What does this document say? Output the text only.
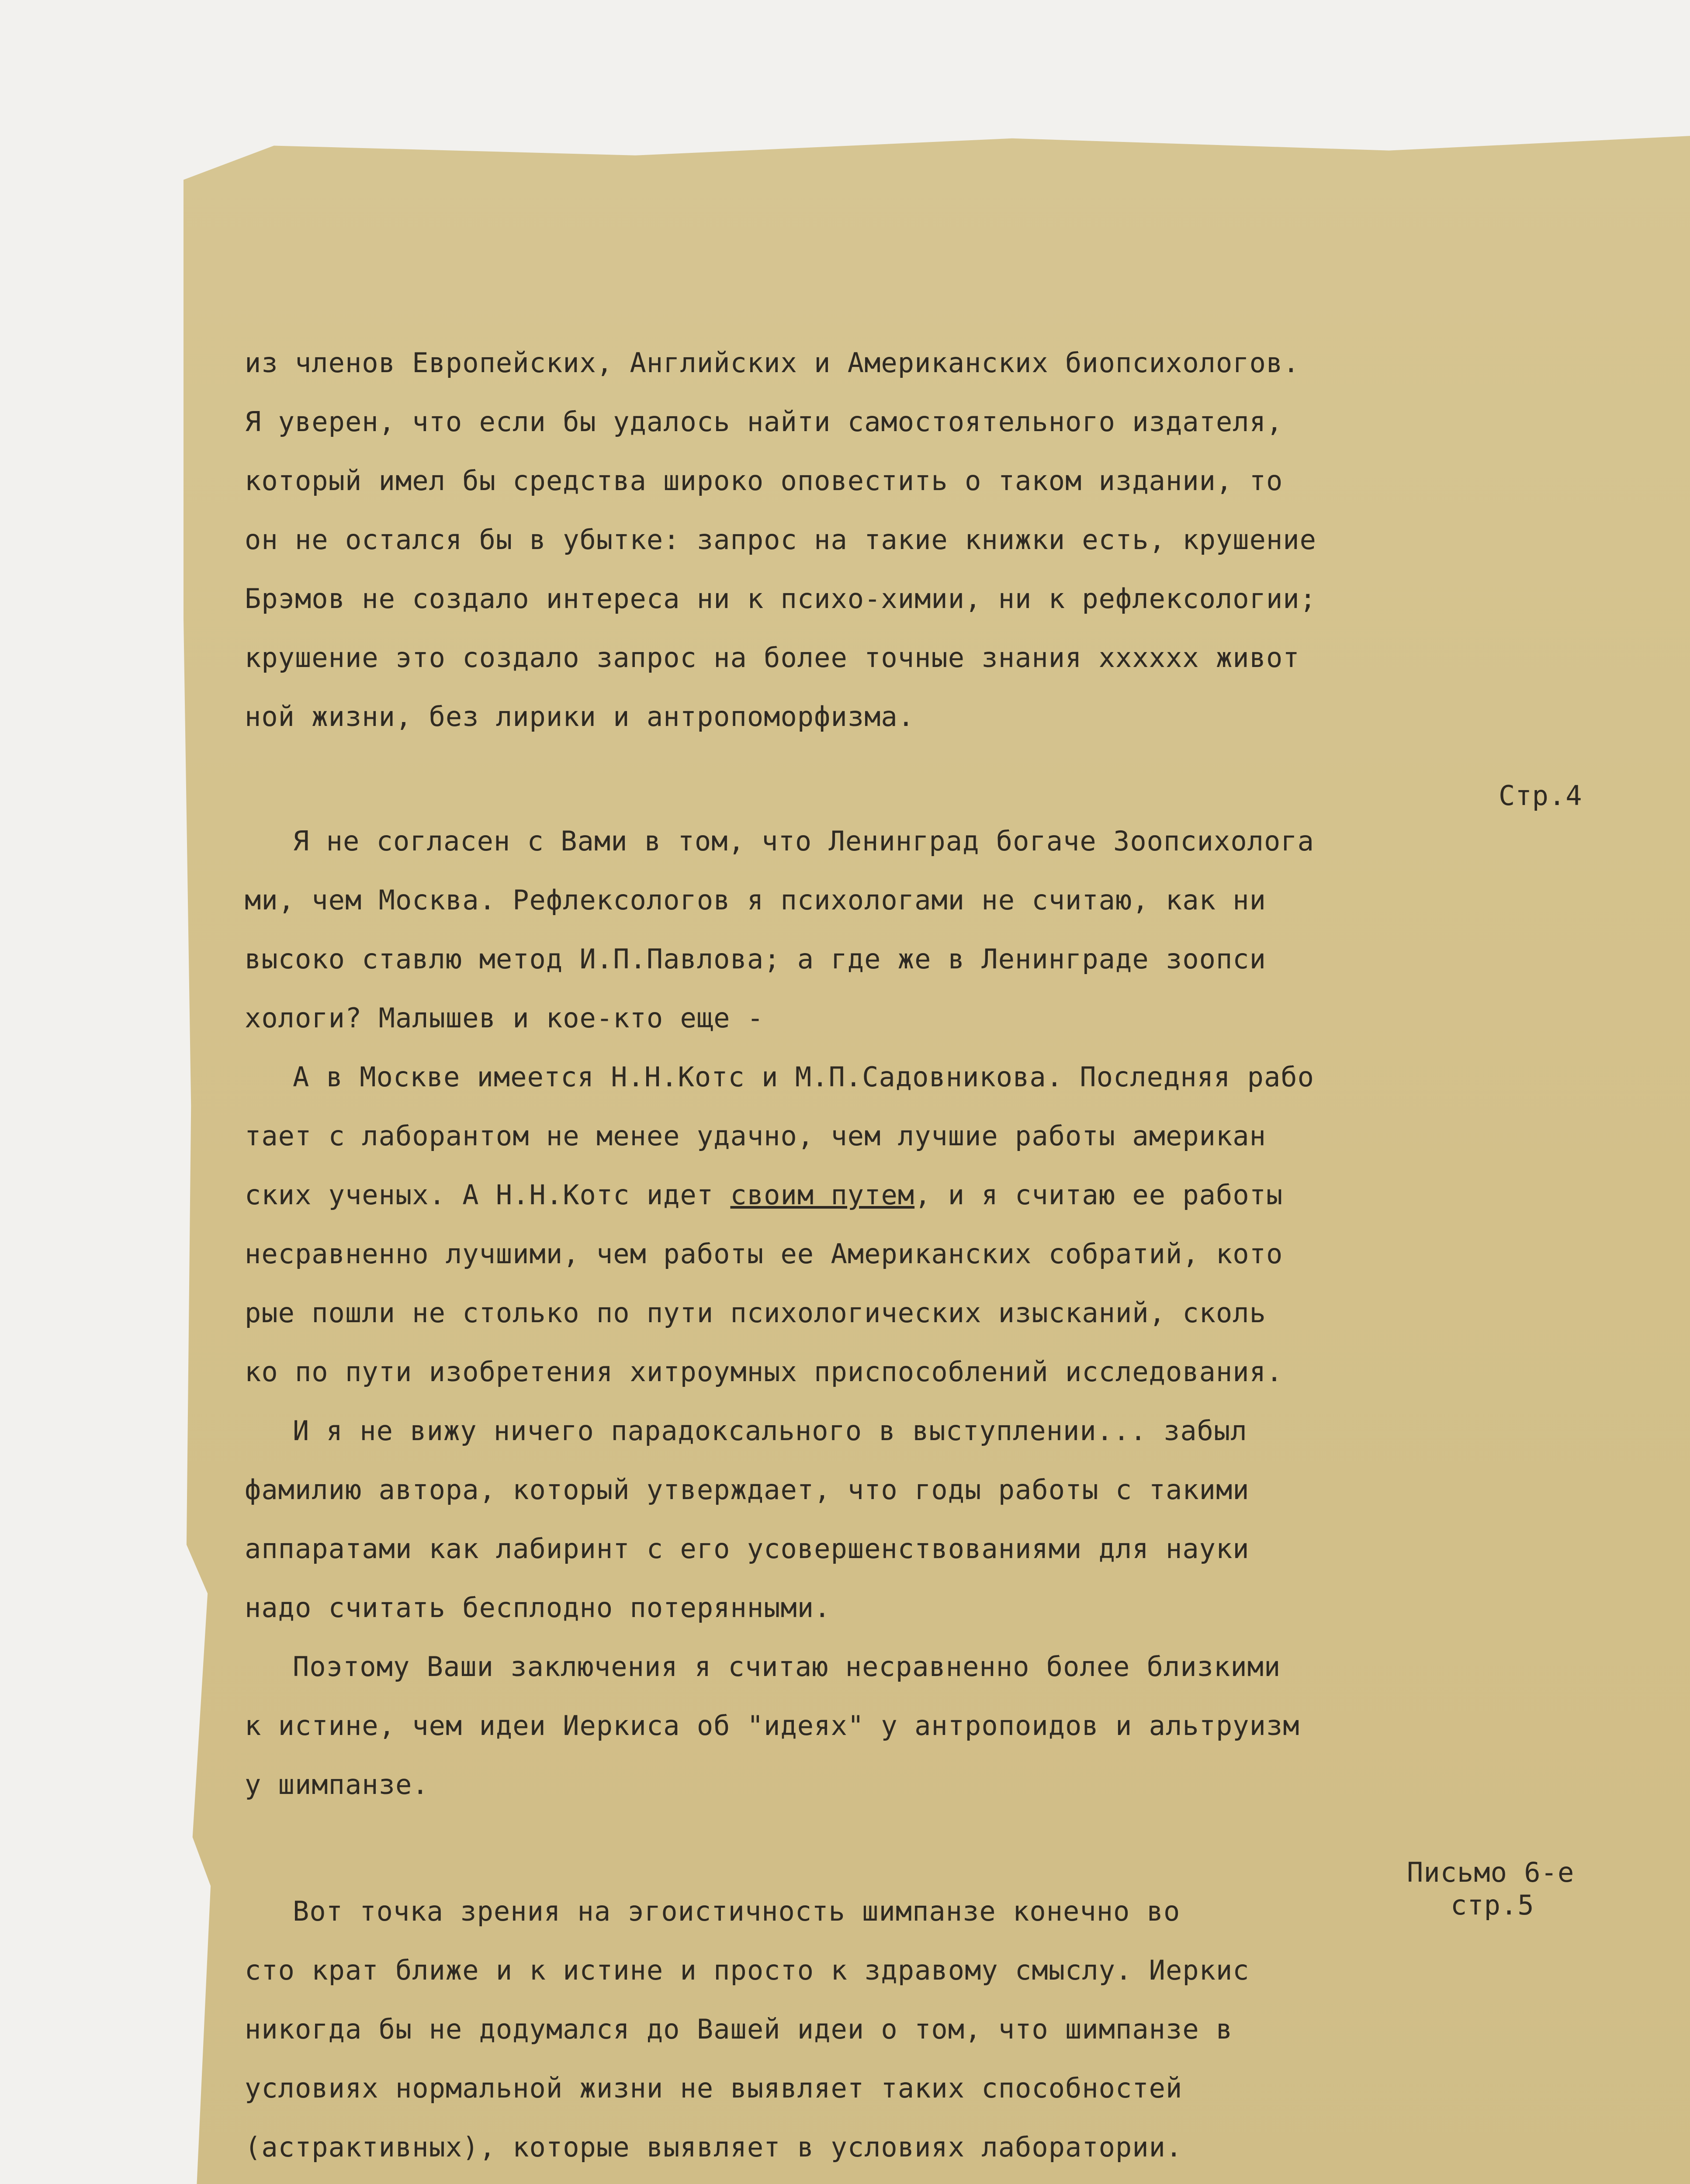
из членов Европейских, Английских и Американских биопсихологов.
Я уверен, что если бы удалось найти самостоятельного издателя,
который имел бы средства широко оповестить о таком издании, то
он не остался бы в убытке: запрос на такие книжки есть, крушение
Брэмов не создало интереса ни к психо-химии, ни к рефлексологии;
крушение это создало запрос на более точные знания хххххх живот
ной жизни, без лирики и антропоморфизма.
Я не согласен с Вами в том, что Ленинград богаче Зоопсихолога
ми, чем Москва. Рефлексологов я психологами не считаю, как ни
высоко ставлю метод И.П.Павлова; а где же в Ленинграде зоопси
хологи? Малышев и кое-кто еще -
А в Москве имеется Н.Н.Котс и М.П.Садовникова. Последняя рабо
тает с лаборантом не менее удачно, чем лучшие работы американ
ских ученых. А Н.Н.Котс идет своим путем, и я считаю ее работы
несравненно лучшими, чем работы ее Американских собратий, кото
рые пошли не столько по пути психологических изысканий, сколь
ко по пути изобретения хитроумных приспособлений исследования.
И я не вижу ничего парадоксального в выступлении... забыл
фамилию автора, который утверждает, что годы работы с такими
аппаратами как лабиринт с его усовершенствованиями для науки
надо считать бесплодно потерянными.
Поэтому Ваши заключения я считаю несравненно более близкими
к истине, чем идеи Иеркиса об "идеях" у антропоидов и альтруизм
у шимпанзе.
Вот точка зрения на эгоистичность шимпанзе конечно во
сто крат ближе и к истине и просто к здравому смыслу. Иеркис
никогда бы не додумался до Вашей идеи о том, что шимпанзе в
условиях нормальной жизни не выявляет таких способностей
(астрактивных), которые выявляет в условиях лаборатории.
Стр.4
Письмо 6-е
стр.5
